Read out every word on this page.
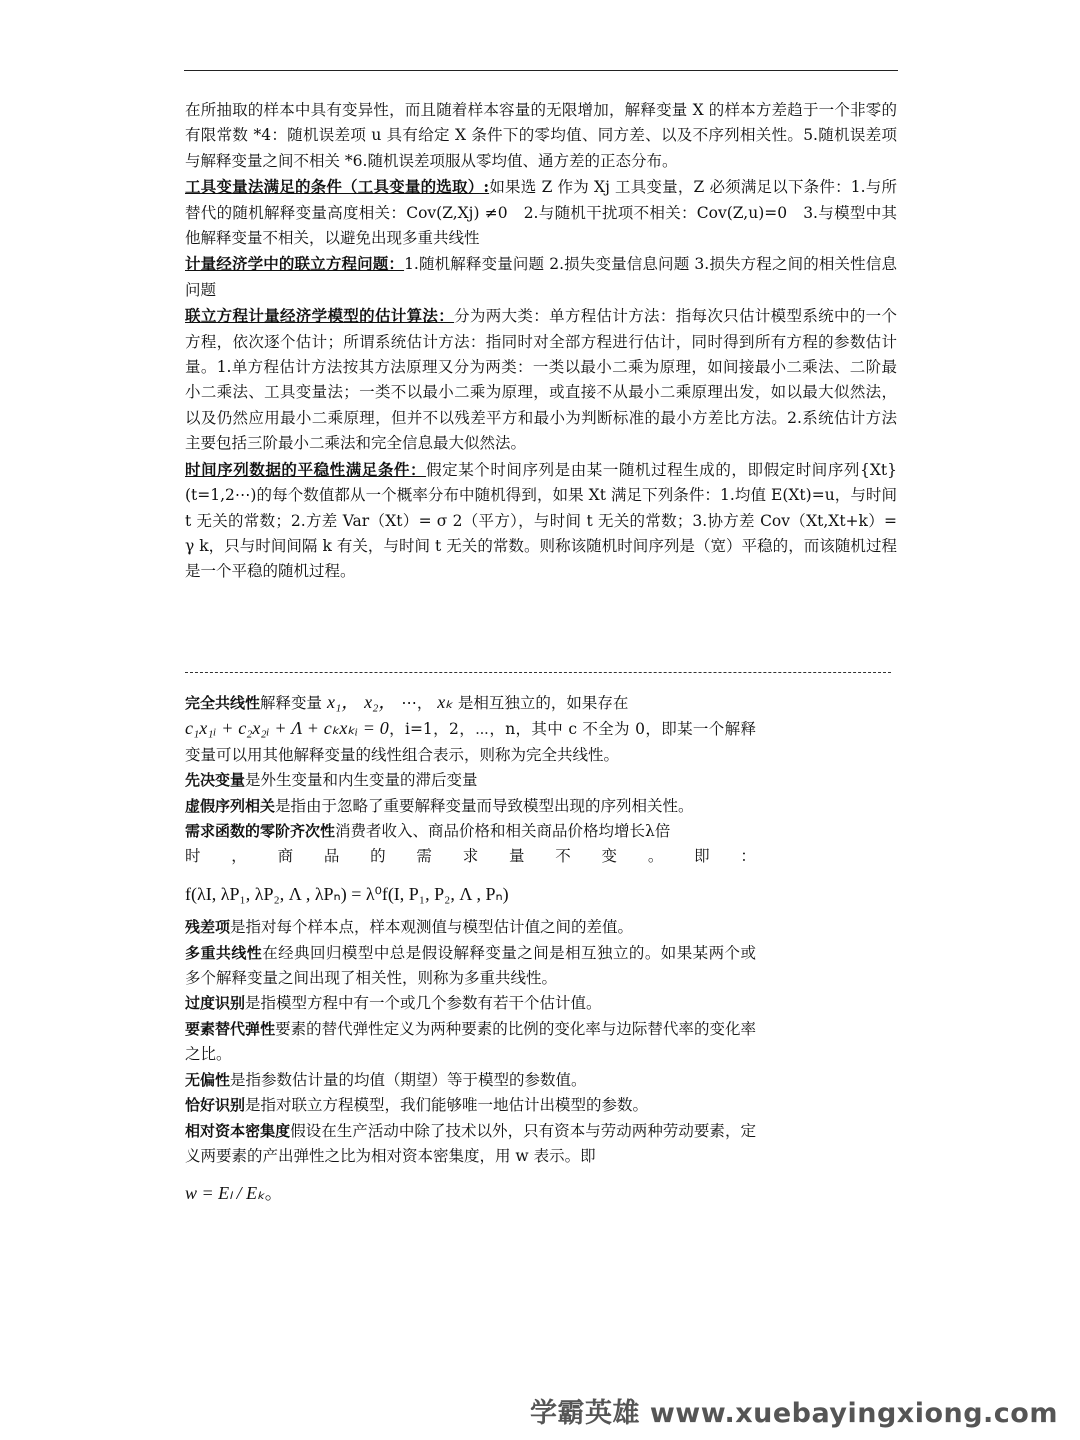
在所抽取的样本中具有变异性，而且随着样本容量的无限增加，解释变量 X 的样本方差趋于一个非零的有限常数 *4：随机误差项 u 具有给定 X 条件下的零均值、同方差、以及不序列相关性。5.随机误差项与解释变量之间不相关 *6.随机误差项服从零均值、通方差的正态分布。

工具变量法满足的条件（工具变量的选取）:如果选 Z 作为 Xj 工具变量，Z 必须满足以下条件：1.与所替代的随机解释变量高度相关：Cov(Z,Xj) ≠0　2.与随机干扰项不相关：Cov(Z,u)=0　3.与模型中其他解释变量不相关，以避免出现多重共线性

计量经济学中的联立方程问题：1.随机解释变量问题 2.损失变量信息问题 3.损失方程之间的相关性信息问题

联立方程计量经济学模型的估计算法：分为两大类：单方程估计方法：指每次只估计模型系统中的一个方程，依次逐个估计；所谓系统估计方法：指同时对全部方程进行估计，同时得到所有方程的参数估计量。1.单方程估计方法按其方法原理又分为两类：一类以最小二乘为原理，如间接最小二乘法、二阶最小二乘法、工具变量法；一类不以最小二乘为原理，或直接不从最小二乘原理出发，如以最大似然法，以及仍然应用最小二乘原理，但并不以残差平方和最小为判断标准的最小方差比方法。2.系统估计方法主要包括三阶最小二乘法和完全信息最大似然法。

时间序列数据的平稳性满足条件：假定某个时间序列是由某一随机过程生成的，即假定时间序列{Xt}(t=1,2⋯)的每个数值都从一个概率分布中随机得到，如果 Xt 满足下列条件：1.均值 E(Xt)=u，与时间 t 无关的常数；2.方差 Var（Xt）= σ 2（平方），与时间 t 无关的常数；3.协方差 Cov（Xt,Xt+k）= γ k，只与时间间隔 k 有关，与时间 t 无关的常数。则称该随机时间序列是（宽）平稳的，而该随机过程是一个平稳的随机过程。

完全共线性解释变量 x₁， x₂， ⋯， xₖ 是相互独立的，如果存在
c₁x₁ᵢ + c₂x₂ᵢ + Λ + cₖxₖᵢ = 0，i=1，2，⋯，n，其中 c 不全为 0，即某一个解释变量可以用其他解释变量的线性组合表示，则称为完全共线性。

先决变量是外生变量和内生变量的滞后变量

虚假序列相关是指由于忽略了重要解释变量而导致模型出现的序列相关性。

需求函数的零阶齐次性消费者收入、商品价格和相关商品价格均增长λ倍

时 ， 商 品 的 需 求 量 不 变 。 即 ：
f(λI, λP₁, λP₂, Λ , λPₙ) = λ⁰f(I, P₁, P₂, Λ , Pₙ)

残差项是指对每个样本点，样本观测值与模型估计值之间的差值。

多重共线性在经典回归模型中总是假设解释变量之间是相互独立的。如果某两个或多个解释变量之间出现了相关性，则称为多重共线性。

过度识别是指模型方程中有一个或几个参数有若干个估计值。

要素替代弹性要素的替代弹性定义为两种要素的比例的变化率与边际替代率的变化率之比。

无偏性是指参数估计量的均值（期望）等于模型的参数值。

恰好识别是指对联立方程模型，我们能够唯一地估计出模型的参数。

相对资本密集度假设在生产活动中除了技术以外，只有资本与劳动两种劳动要素，定义两要素的产出弹性之比为相对资本密集度，用 w 表示。即

w = Eₗ / Eₖ。
学霸英雄 www.xuebayingxiong.com
